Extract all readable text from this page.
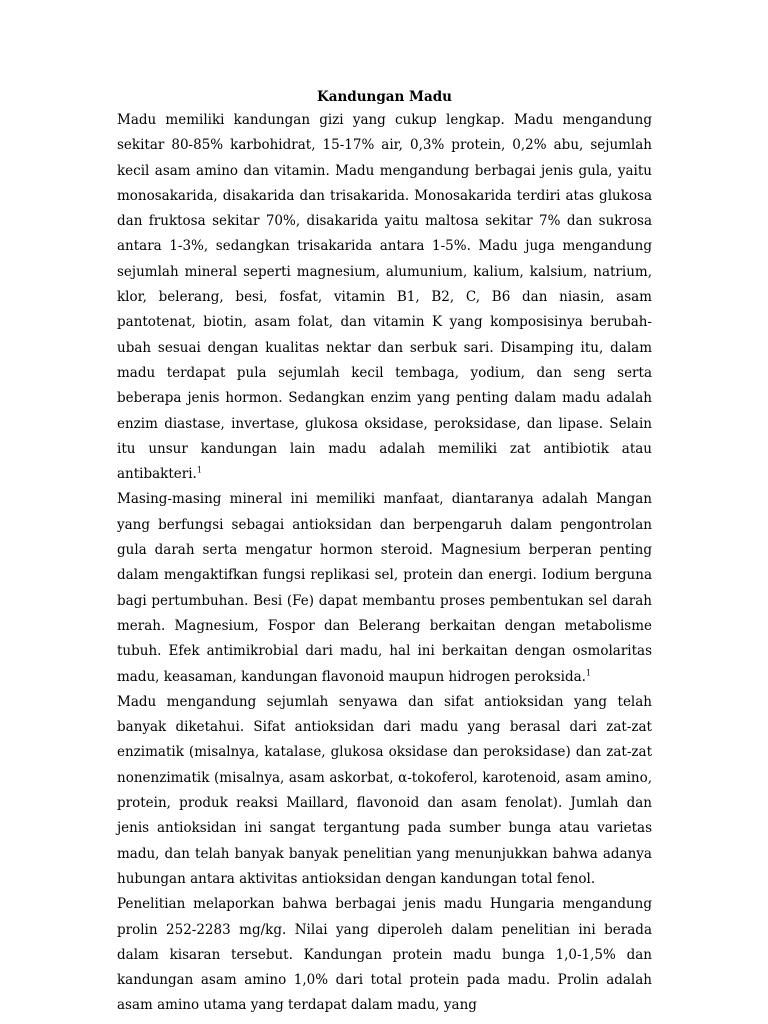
Kandungan Madu

Madu memiliki kandungan gizi yang cukup lengkap. Madu mengandung sekitar 80-85% karbohidrat, 15-17% air, 0,3% protein, 0,2% abu, sejumlah kecil asam amino dan vitamin. Madu mengandung berbagai jenis gula, yaitu monosakarida, disakarida dan trisakarida. Monosakarida terdiri atas glukosa dan fruktosa sekitar 70%, disakarida yaitu maltosa sekitar 7% dan sukrosa antara 1-3%, sedangkan trisakarida antara 1-5%. Madu juga mengandung sejumlah mineral seperti magnesium, alumunium, kalium, kalsium, natrium, klor, belerang, besi, fosfat, vitamin B1, B2, C, B6 dan niasin, asam pantotenat, biotin, asam folat, dan vitamin K yang komposisinya berubah-ubah sesuai dengan kualitas nektar dan serbuk sari. Disamping itu, dalam madu terdapat pula sejumlah kecil tembaga, yodium, dan seng serta beberapa jenis hormon. Sedangkan enzim yang penting dalam madu adalah enzim diastase, invertase, glukosa oksidase, peroksidase, dan lipase. Selain itu unsur kandungan lain madu adalah memiliki zat antibiotik atau antibakteri.$^1$

Masing-masing mineral ini memiliki manfaat, diantaranya adalah Mangan yang berfungsi sebagai antioksidan dan berpengaruh dalam pengontrolan gula darah serta mengatur hormon steroid. Magnesium berperan penting dalam mengaktifkan fungsi replikasi sel, protein dan energi. Iodium berguna bagi pertumbuhan. Besi (Fe) dapat membantu proses pembentukan sel darah merah. Magnesium, Fospor dan Belerang berkaitan dengan metabolisme tubuh. Efek antimikrobial dari madu, hal ini berkaitan dengan osmolaritas madu, keasaman, kandungan flavonoid maupun hidrogen peroksida.$^1$

Madu mengandung sejumlah senyawa dan sifat antioksidan yang telah banyak diketahui. Sifat antioksidan dari madu yang berasal dari zat-zat enzimatik (misalnya, katalase, glukosa oksidase dan peroksidase) dan zat-zat nonenzimatik (misalnya, asam askorbat, α-tokoferol, karotenoid, asam amino, protein, produk reaksi Maillard, flavonoid dan asam fenolat). Jumlah dan jenis antioksidan ini sangat tergantung pada sumber bunga atau varietas madu, dan telah banyak banyak penelitian yang menunjukkan bahwa adanya hubungan antara aktivitas antioksidan dengan kandungan total fenol.

Penelitian melaporkan bahwa berbagai jenis madu Hungaria mengandung prolin 252-2283 mg/kg. Nilai yang diperoleh dalam penelitian ini berada dalam kisaran tersebut. Kandungan protein madu bunga 1,0-1,5% dan kandungan asam amino 1,0% dari total protein pada madu. Prolin adalah asam amino utama yang terdapat dalam madu, yang
